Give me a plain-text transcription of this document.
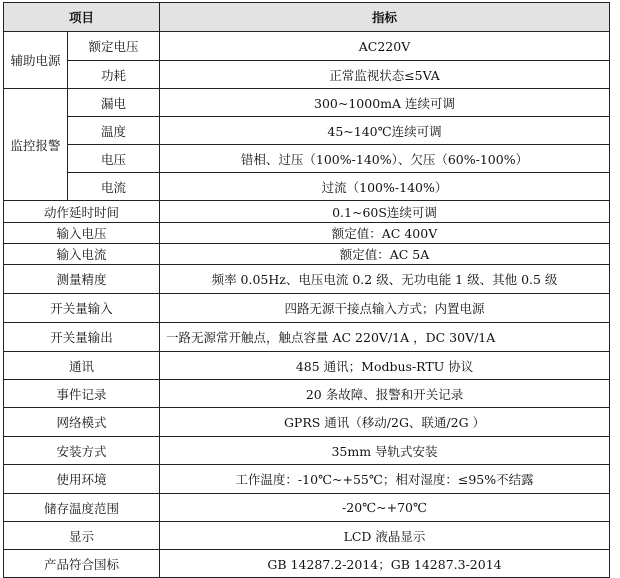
项目		指标
辅助电源	额定电压	AC220V
	功耗	正常监视状态≤5VA
监控报警	漏电	300~1000mA 连续可调
	温度	45~140℃连续可调
	电压	错相、过压（100%-140%）、欠压（60%-100%）
	电流	过流（100%-140%）
动作延时时间		0.1~60S连续可调
输入电压		额定值：AC 400V
输入电流		额定值：AC 5A
测量精度		频率 0.05Hz、电压电流 0.2 级、无功电能 1 级、其他 0.5 级
开关量输入		四路无源干接点输入方式；内置电源
开关量输出		一路无源常开触点，触点容量 AC 220V/1A ，DC 30V/1A
通讯		485 通讯；Modbus-RTU 协议
事件记录		20 条故障、报警和开关记录
网络模式		GPRS 通讯（移动/2G、联通/2G ）
安装方式		35mm 导轨式安装
使用环境		工作温度：-10℃~+55℃；相对湿度：≤95%不结露
储存温度范围		-20℃~+70℃
显示		LCD 液晶显示
产品符合国标		GB 14287.2-2014；GB 14287.3-2014
